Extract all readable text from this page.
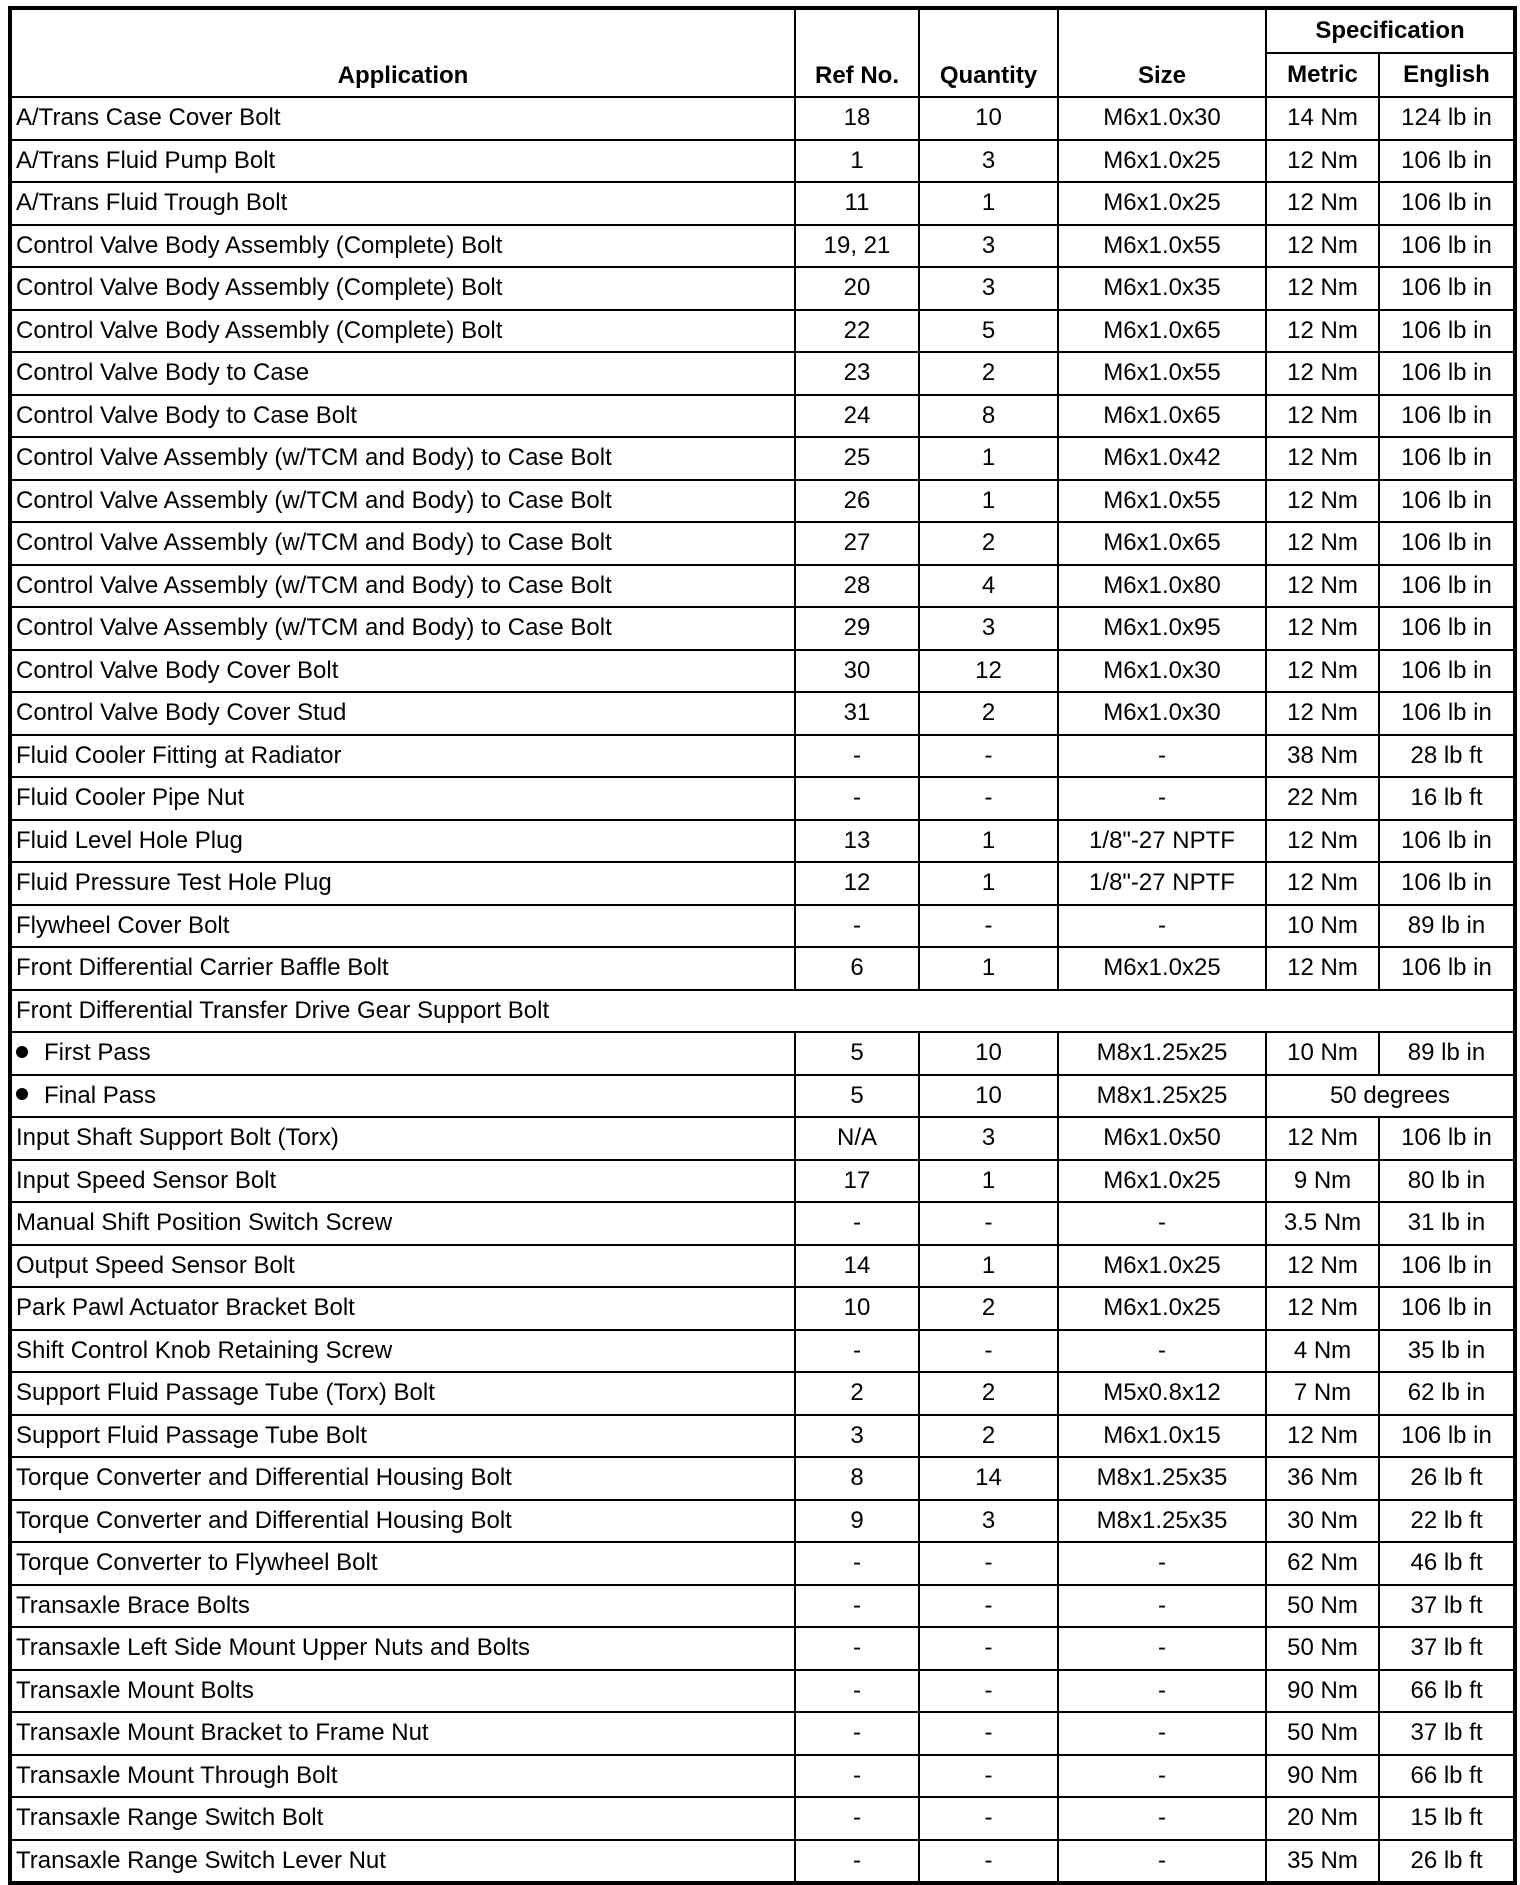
Application	Ref No.	Quantity	Size	Specification	
				Metric	English
A/Trans Case Cover Bolt	18	10	M6x1.0x30	14 Nm	124 lb in
A/Trans Fluid Pump Bolt	1	3	M6x1.0x25	12 Nm	106 lb in
A/Trans Fluid Trough Bolt	11	1	M6x1.0x25	12 Nm	106 lb in
Control Valve Body Assembly (Complete) Bolt	19, 21	3	M6x1.0x55	12 Nm	106 lb in
Control Valve Body Assembly (Complete) Bolt	20	3	M6x1.0x35	12 Nm	106 lb in
Control Valve Body Assembly (Complete) Bolt	22	5	M6x1.0x65	12 Nm	106 lb in
Control Valve Body to Case	23	2	M6x1.0x55	12 Nm	106 lb in
Control Valve Body to Case Bolt	24	8	M6x1.0x65	12 Nm	106 lb in
Control Valve Assembly (w/TCM and Body) to Case Bolt	25	1	M6x1.0x42	12 Nm	106 lb in
Control Valve Assembly (w/TCM and Body) to Case Bolt	26	1	M6x1.0x55	12 Nm	106 lb in
Control Valve Assembly (w/TCM and Body) to Case Bolt	27	2	M6x1.0x65	12 Nm	106 lb in
Control Valve Assembly (w/TCM and Body) to Case Bolt	28	4	M6x1.0x80	12 Nm	106 lb in
Control Valve Assembly (w/TCM and Body) to Case Bolt	29	3	M6x1.0x95	12 Nm	106 lb in
Control Valve Body Cover Bolt	30	12	M6x1.0x30	12 Nm	106 lb in
Control Valve Body Cover Stud	31	2	M6x1.0x30	12 Nm	106 lb in
Fluid Cooler Fitting at Radiator	-	-	-	38 Nm	28 lb ft
Fluid Cooler Pipe Nut	-	-	-	22 Nm	16 lb ft
Fluid Level Hole Plug	13	1	1/8"-27 NPTF	12 Nm	106 lb in
Fluid Pressure Test Hole Plug	12	1	1/8"-27 NPTF	12 Nm	106 lb in
Flywheel Cover Bolt	-	-	-	10 Nm	89 lb in
Front Differential Carrier Baffle Bolt	6	1	M6x1.0x25	12 Nm	106 lb in
Front Differential Transfer Drive Gear Support Bolt					
First Pass	5	10	M8x1.25x25	10 Nm	89 lb in
Final Pass	5	10	M8x1.25x25	50 degrees	
Input Shaft Support Bolt (Torx)	N/A	3	M6x1.0x50	12 Nm	106 lb in
Input Speed Sensor Bolt	17	1	M6x1.0x25	9 Nm	80 lb in
Manual Shift Position Switch Screw	-	-	-	3.5 Nm	31 lb in
Output Speed Sensor Bolt	14	1	M6x1.0x25	12 Nm	106 lb in
Park Pawl Actuator Bracket Bolt	10	2	M6x1.0x25	12 Nm	106 lb in
Shift Control Knob Retaining Screw	-	-	-	4 Nm	35 lb in
Support Fluid Passage Tube (Torx) Bolt	2	2	M5x0.8x12	7 Nm	62 lb in
Support Fluid Passage Tube Bolt	3	2	M6x1.0x15	12 Nm	106 lb in
Torque Converter and Differential Housing Bolt	8	14	M8x1.25x35	36 Nm	26 lb ft
Torque Converter and Differential Housing Bolt	9	3	M8x1.25x35	30 Nm	22 lb ft
Torque Converter to Flywheel Bolt	-	-	-	62 Nm	46 lb ft
Transaxle Brace Bolts	-	-	-	50 Nm	37 lb ft
Transaxle Left Side Mount Upper Nuts and Bolts	-	-	-	50 Nm	37 lb ft
Transaxle Mount Bolts	-	-	-	90 Nm	66 lb ft
Transaxle Mount Bracket to Frame Nut	-	-	-	50 Nm	37 lb ft
Transaxle Mount Through Bolt	-	-	-	90 Nm	66 lb ft
Transaxle Range Switch Bolt	-	-	-	20 Nm	15 lb ft
Transaxle Range Switch Lever Nut	-	-	-	35 Nm	26 lb ft
